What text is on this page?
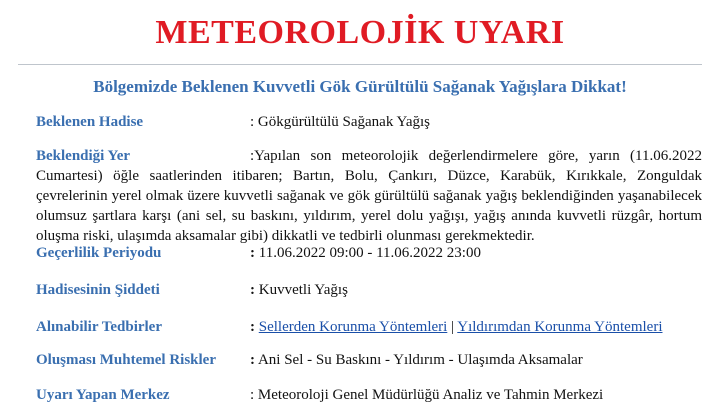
METEOROLOJİK UYARI
Bölgemizde Beklenen Kuvvetli Gök Gürültülü Sağanak Yağışlara Dikkat!
Beklenen Hadise	: Gökgürültülü Sağanak Yağış
Beklendiği Yer	:Yapılan son meteorolojik değerlendirmelere göre, yarın (11.06.2022 Cumartesi) öğle saatlerinden itibaren; Bartın, Bolu, Çankırı, Düzce, Karabük, Kırıkkale, Zonguldak çevrelerinin yerel olmak üzere kuvvetli sağanak ve gök gürültülü sağanak yağış beklendiğinden yaşanabilecek olumsuz şartlara karşı (ani sel, su baskını, yıldırım, yerel dolu yağışı, yağış anında kuvvetli rüzgâr, hortum oluşma riski, ulaşımda aksamalar gibi) dikkatli ve tedbirli olunması gerekmektedir.
Geçerlilik Periyodu	: 11.06.2022 09:00 - 11.06.2022 23:00
Hadisesinin Şiddeti	: Kuvvetli Yağış
Alınabilir Tedbirler	: Sellerden Korunma Yöntemleri | Yıldırımdan Korunma Yöntemleri
Oluşması Muhtemel Riskler : Ani Sel - Su Baskını - Yıldırım - Ulaşımda Aksamalar
Uyarı Yapan Merkez	: Meteoroloji Genel Müdürlüğü Analiz ve Tahmin Merkezi
